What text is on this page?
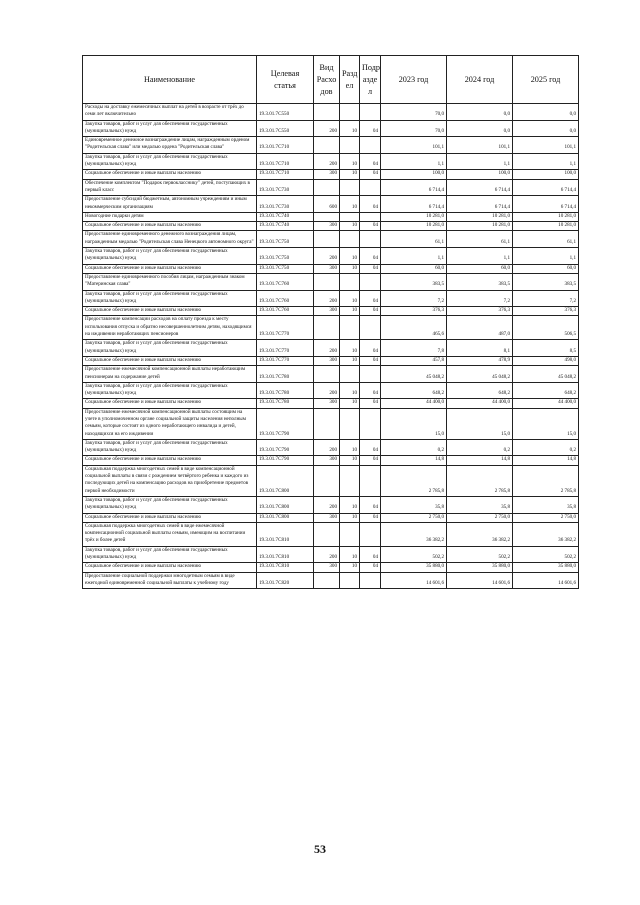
Наименование	Целевая статья	Вид Расхо дов	Разд ел	Подр азде л	2023 год	2024 год	2025 год
Расходы на доставку ежемесячных выплат на детей в возрасте от трёх до семи лет включительно	19.3.01.7С550				70,0	0,0	0,0
Закупка товаров, работ и услуг для обеспечения государственных (муниципальных) нужд	19.3.01.7С550	200	10	04	70,0	0,0	0,0
Единовременное денежное вознаграждение лицам, награжденным орденом "Родительская слава" или медалью ордена "Родительская слава"	19.3.01.7С710				101,1	101,1	101,1
Закупка товаров, работ и услуг для обеспечения государственных (муниципальных) нужд	19.3.01.7С710	200	10	04	1,1	1,1	1,1
Социальное обеспечение и иные выплаты населению	19.3.01.7С710	300	10	04	100,0	100,0	100,0
Обеспечение комплектом "Подарок первокласснику" детей, поступающих в первый класс	19.3.01.7С730				6 714,4	6 714,4	6 714,4
Предоставление субсидий бюджетным, автономным учреждениям и иным некоммерческим организациям	19.3.01.7С730	600	10	04	6 714,4	6 714,4	6 714,4
Новогодние подарки детям	19.3.01.7С740				10 281,0	10 281,0	10 281,0
Социальное обеспечение и иные выплаты населению	19.3.01.7С740	300	10	04	10 281,0	10 281,0	10 281,0
Предоставление единовременного денежного вознаграждения лицам, награжденным медалью "Родительская слава Ненецкого автономного округа"	19.3.01.7С750				61,1	61,1	61,1
Закупка товаров, работ и услуг для обеспечения государственных (муниципальных) нужд	19.3.01.7С750	200	10	04	1,1	1,1	1,1
Социальное обеспечение и иные выплаты населению	19.3.01.7С750	300	10	04	60,0	60,0	60,0
Предоставление единовременного пособия лицам, награжденным знаком "Материнская слава"	19.3.01.7С760				383,5	383,5	383,5
Закупка товаров, работ и услуг для обеспечения государственных (муниципальных) нужд	19.3.01.7С760	200	10	04	7,2	7,2	7,2
Социальное обеспечение и иные выплаты населению	19.3.01.7С760	300	10	04	376,3	376,3	376,3
Предоставление компенсации расходов на оплату проезда к месту использования отпуска и обратно несовершеннолетним детям, находящимся на иждивении неработающих пенсионеров	19.3.01.7С770				465,6	487,0	506,5
Закупка товаров, работ и услуг для обеспечения государственных (муниципальных) нужд	19.3.01.7С770	200	10	04	7,8	8,1	8,5
Социальное обеспечение и иные выплаты населению	19.3.01.7С770	300	10	04	457,8	478,9	498,0
Предоставление ежемесячной компенсационной выплаты неработающим пенсионерам на содержание детей	19.3.01.7С780				45 048,2	45 048,2	45 048,2
Закупка товаров, работ и услуг для обеспечения государственных (муниципальных) нужд	19.3.01.7С780	200	10	04	648,2	648,2	648,2
Социальное обеспечение и иные выплаты населению	19.3.01.7С780	300	10	04	44 400,0	44 400,0	44 400,0
Предоставление ежемесячной компенсационной выплаты состоящим на учете в уполномоченном органе социальной защиты населения неполным семьям, которые состоят из одного неработающего инвалида и детей, находящихся на его иждивении	19.3.01.7С790				15,0	15,0	15,0
Закупка товаров, работ и услуг для обеспечения государственных (муниципальных) нужд	19.3.01.7С790	200	10	04	0,2	0,2	0,2
Социальное обеспечение и иные выплаты населению	19.3.01.7С790	300	10	04	14,8	14,8	14,8
Социальная поддержка многодетных семей в виде компенсационной социальной выплаты в связи с рождением четвёртого ребенка и каждого из последующих детей на компенсацию расходов на приобретение предметов первой необходимости	19.3.01.7С800				2 785,8	2 785,8	2 785,8
Закупка товаров, работ и услуг для обеспечения государственных (муниципальных) нужд	19.3.01.7С800	200	10	04	35,8	35,8	35,8
Социальное обеспечение и иные выплаты населению	19.3.01.7С800	300	10	04	2 750,0	2 750,0	2 750,0
Социальная поддержка многодетных семей в виде ежемесячной компенсационной социальной выплаты семьям, имеющим на воспитании трёх и более детей	19.3.01.7С810				36 382,2	36 382,2	36 382,2
Закупка товаров, работ и услуг для обеспечения государственных (муниципальных) нужд	19.3.01.7С810	200	10	04	502,2	502,2	502,2
Социальное обеспечение и иные выплаты населению	19.3.01.7С810	300	10	04	35 880,0	35 880,0	35 880,0
Предоставление социальной поддержки многодетным семьям в виде ежегодной единовременной социальной выплаты к учебному году	19.3.01.7С820				14 601,6	14 601,6	14 601,6
53
